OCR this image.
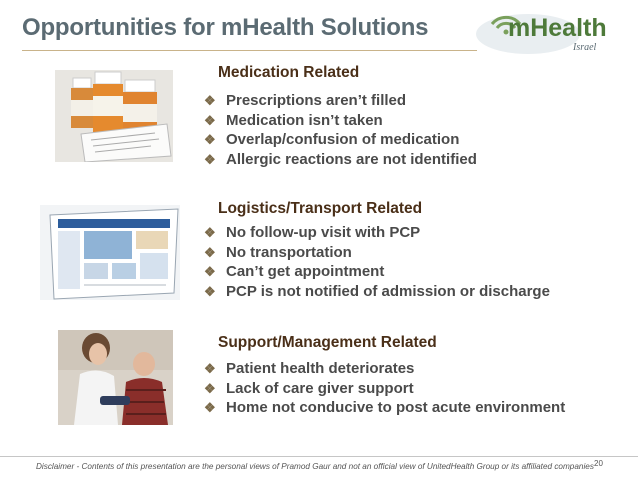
Opportunities for mHealth Solutions	mHealth
Israel
Medication Related
❖ Prescriptions aren’t filled
❖ Medication isn’t taken
❖ Overlap/confusion of medication
❖ Allergic reactions are not identified
Logistics/Transport Related
❖ No follow-up visit with PCP
❖ No transportation
❖ Can’t get appointment
❖ PCP is not notified of admission or discharge
Support/Management Related
❖ Patient health deteriorates
❖ Lack of care giver support
❖ Home not conducive to post acute environment
20
Disclaimer - Contents of this presentation are the personal views of Pramod Gaur and not an official view of UnitedHealth Group or its affiliated companies
